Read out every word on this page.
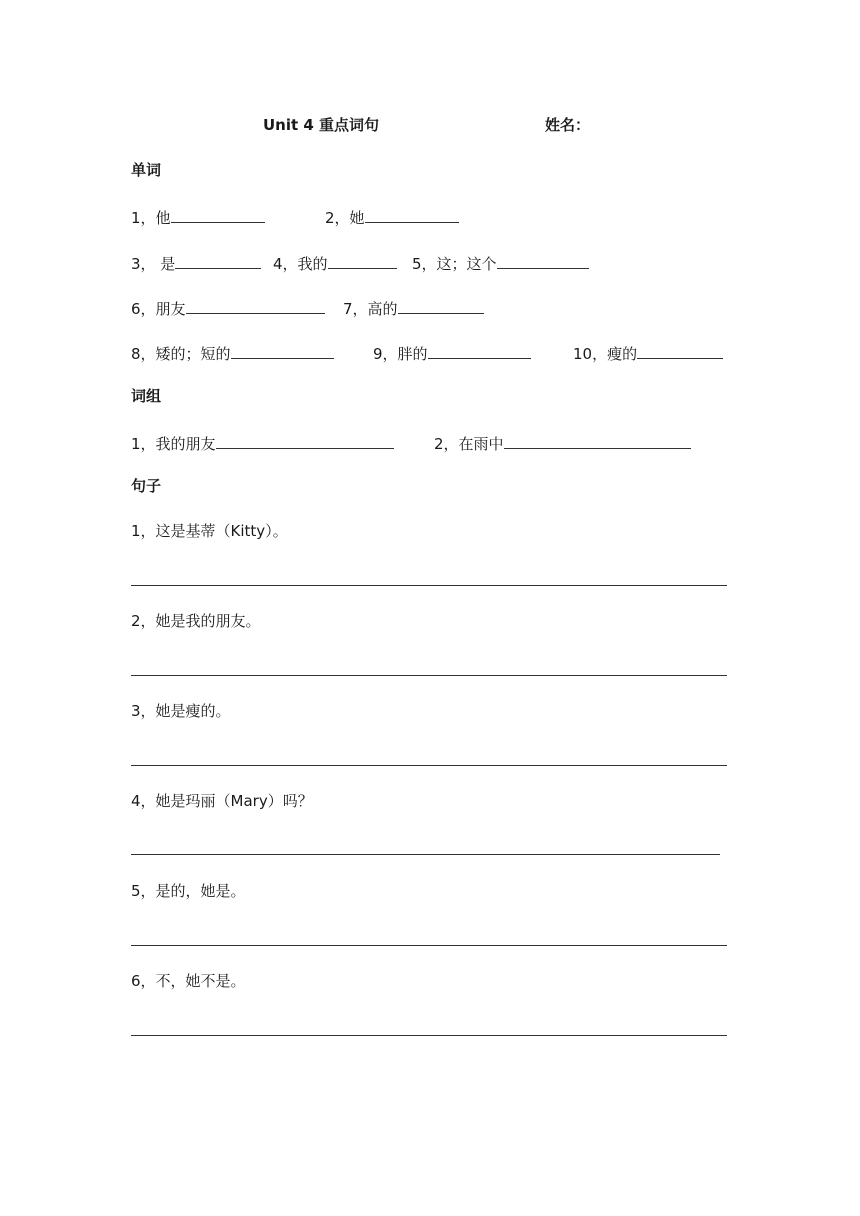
Unit 4 重点词句	姓名：
单词
1，他	2，她
3， 是	4，我的	5，这；这个
6，朋友	7，高的
8，矮的；短的	9，胖的	10，瘦的
词组
1，我的朋友	2，在雨中
句子
1，这是基蒂（Kitty）。
2，她是我的朋友。
3，她是瘦的。
4，她是玛丽（Mary）吗？
5，是的，她是。
6，不，她不是。
